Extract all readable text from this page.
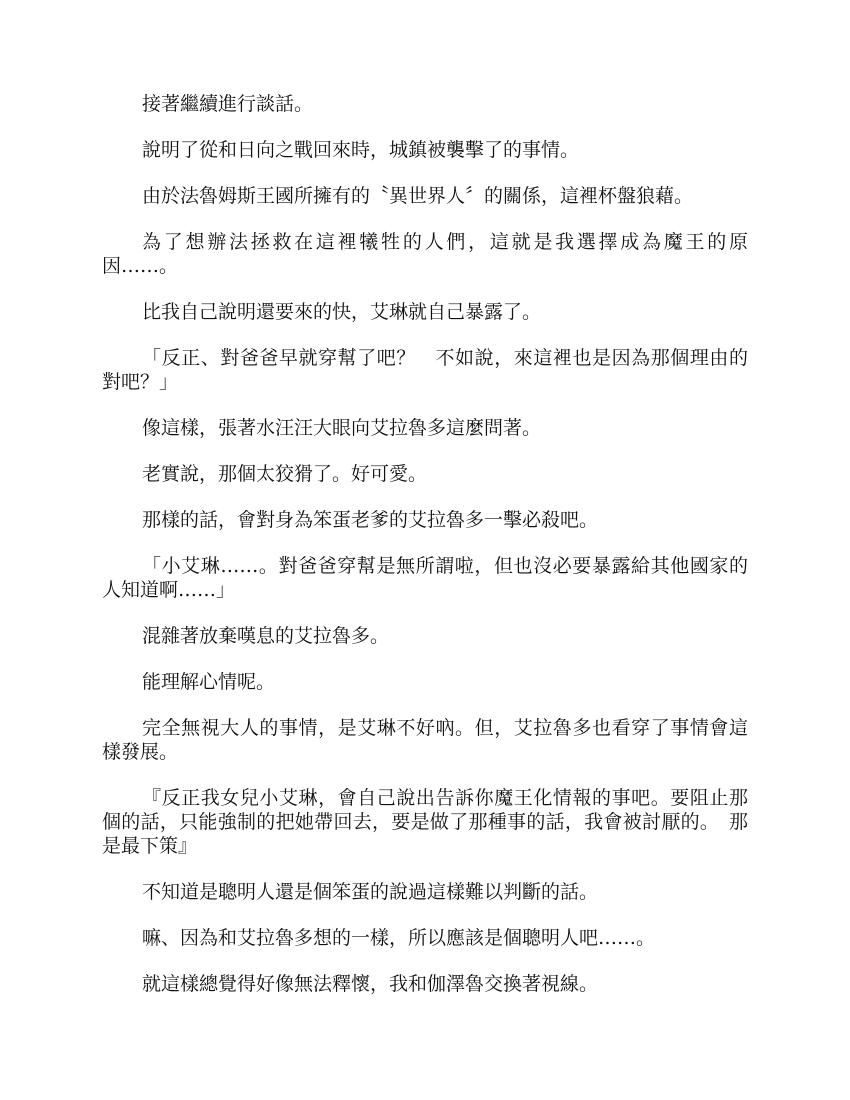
接著繼續進行談話。

說明了從和日向之戰回來時，城鎮被襲擊了的事情。

由於法魯姆斯王國所擁有的〝異世界人〞的關係，這裡杯盤狼藉。

為了想辦法拯救在這裡犧牲的人們，這就是我選擇成為魔王的原因……。

比我自己說明還要來的快，艾琳就自己暴露了。

「反正、對爸爸早就穿幫了吧？　不如說，來這裡也是因為那個理由的對吧？」

像這樣，張著水汪汪大眼向艾拉魯多這麼問著。

老實說，那個太狡猾了。好可愛。

那樣的話，會對身為笨蛋老爹的艾拉魯多一擊必殺吧。

「小艾琳……。對爸爸穿幫是無所謂啦，但也沒必要暴露給其他國家的人知道啊……」

混雜著放棄嘆息的艾拉魯多。

能理解心情呢。

完全無視大人的事情，是艾琳不好吶。但，艾拉魯多也看穿了事情會這樣發展。

『反正我女兒小艾琳，會自己說出告訴你魔王化情報的事吧。要阻止那個的話，只能強制的把她帶回去，要是做了那種事的話，我會被討厭的。　那是最下策』

不知道是聰明人還是個笨蛋的說過這樣難以判斷的話。

嘛、因為和艾拉魯多想的一樣，所以應該是個聰明人吧……。

就這樣總覺得好像無法釋懷，我和伽澤魯交換著視線。
